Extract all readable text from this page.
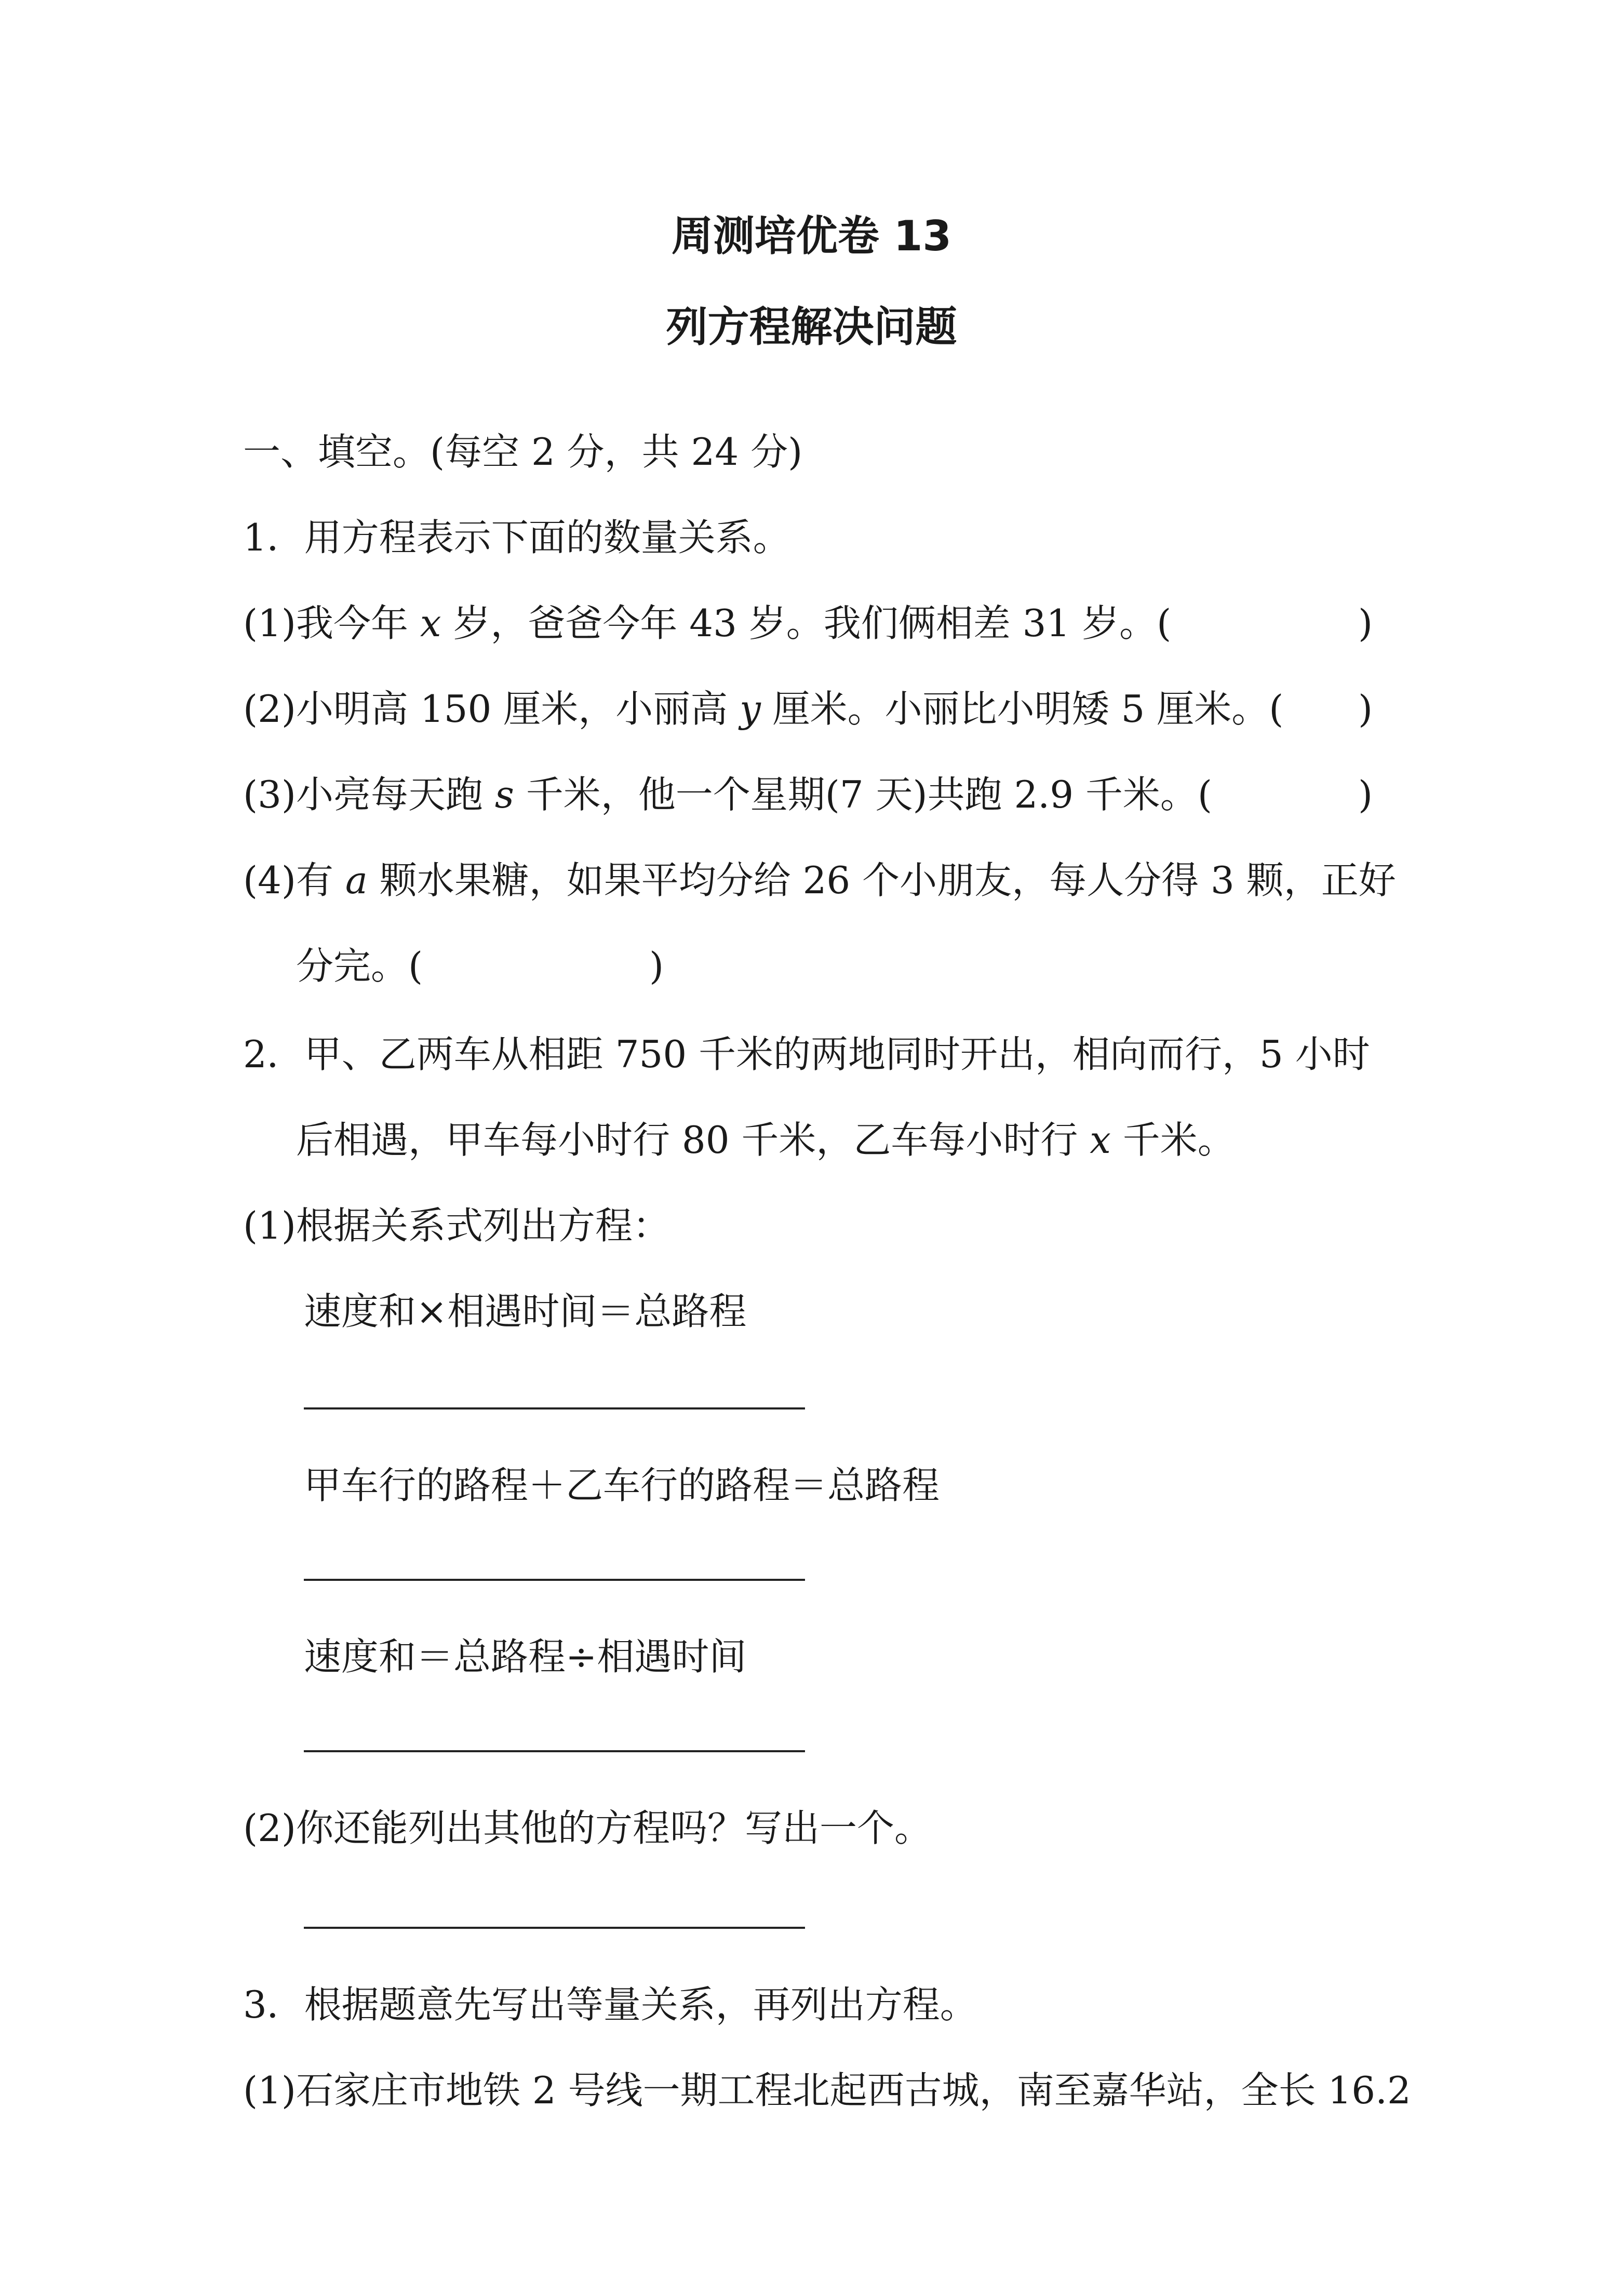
周测培优卷 13
列方程解决问题
一、填空。(每空 2 分，共 24 分)
1．用方程表示下面的数量关系。
(1)我今年 x 岁，爸爸今年 43 岁。我们俩相差 31 岁。(	)
(2)小明高 150 厘米，小丽高 y 厘米。小丽比小明矮 5 厘米。( )
(3)小亮每天跑 s 千米，他一个星期(7 天)共跑 2.9 千米。(	)
(4)有 a 颗水果糖，如果平均分给 26 个小朋友，每人分得 3 颗，正好
分完。(	)
2．甲、乙两车从相距 750 千米的两地同时开出，相向而行，5 小时
后相遇，甲车每小时行 80 千米，乙车每小时行 x 千米。
(1)根据关系式列出方程：
速度和×相遇时间＝总路程
甲车行的路程＋乙车行的路程＝总路程
速度和＝总路程÷相遇时间
(2)你还能列出其他的方程吗？写出一个。
3．根据题意先写出等量关系，再列出方程。
(1)石家庄市地铁 2 号线一期工程北起西古城，南至嘉华站，全长 16.2
